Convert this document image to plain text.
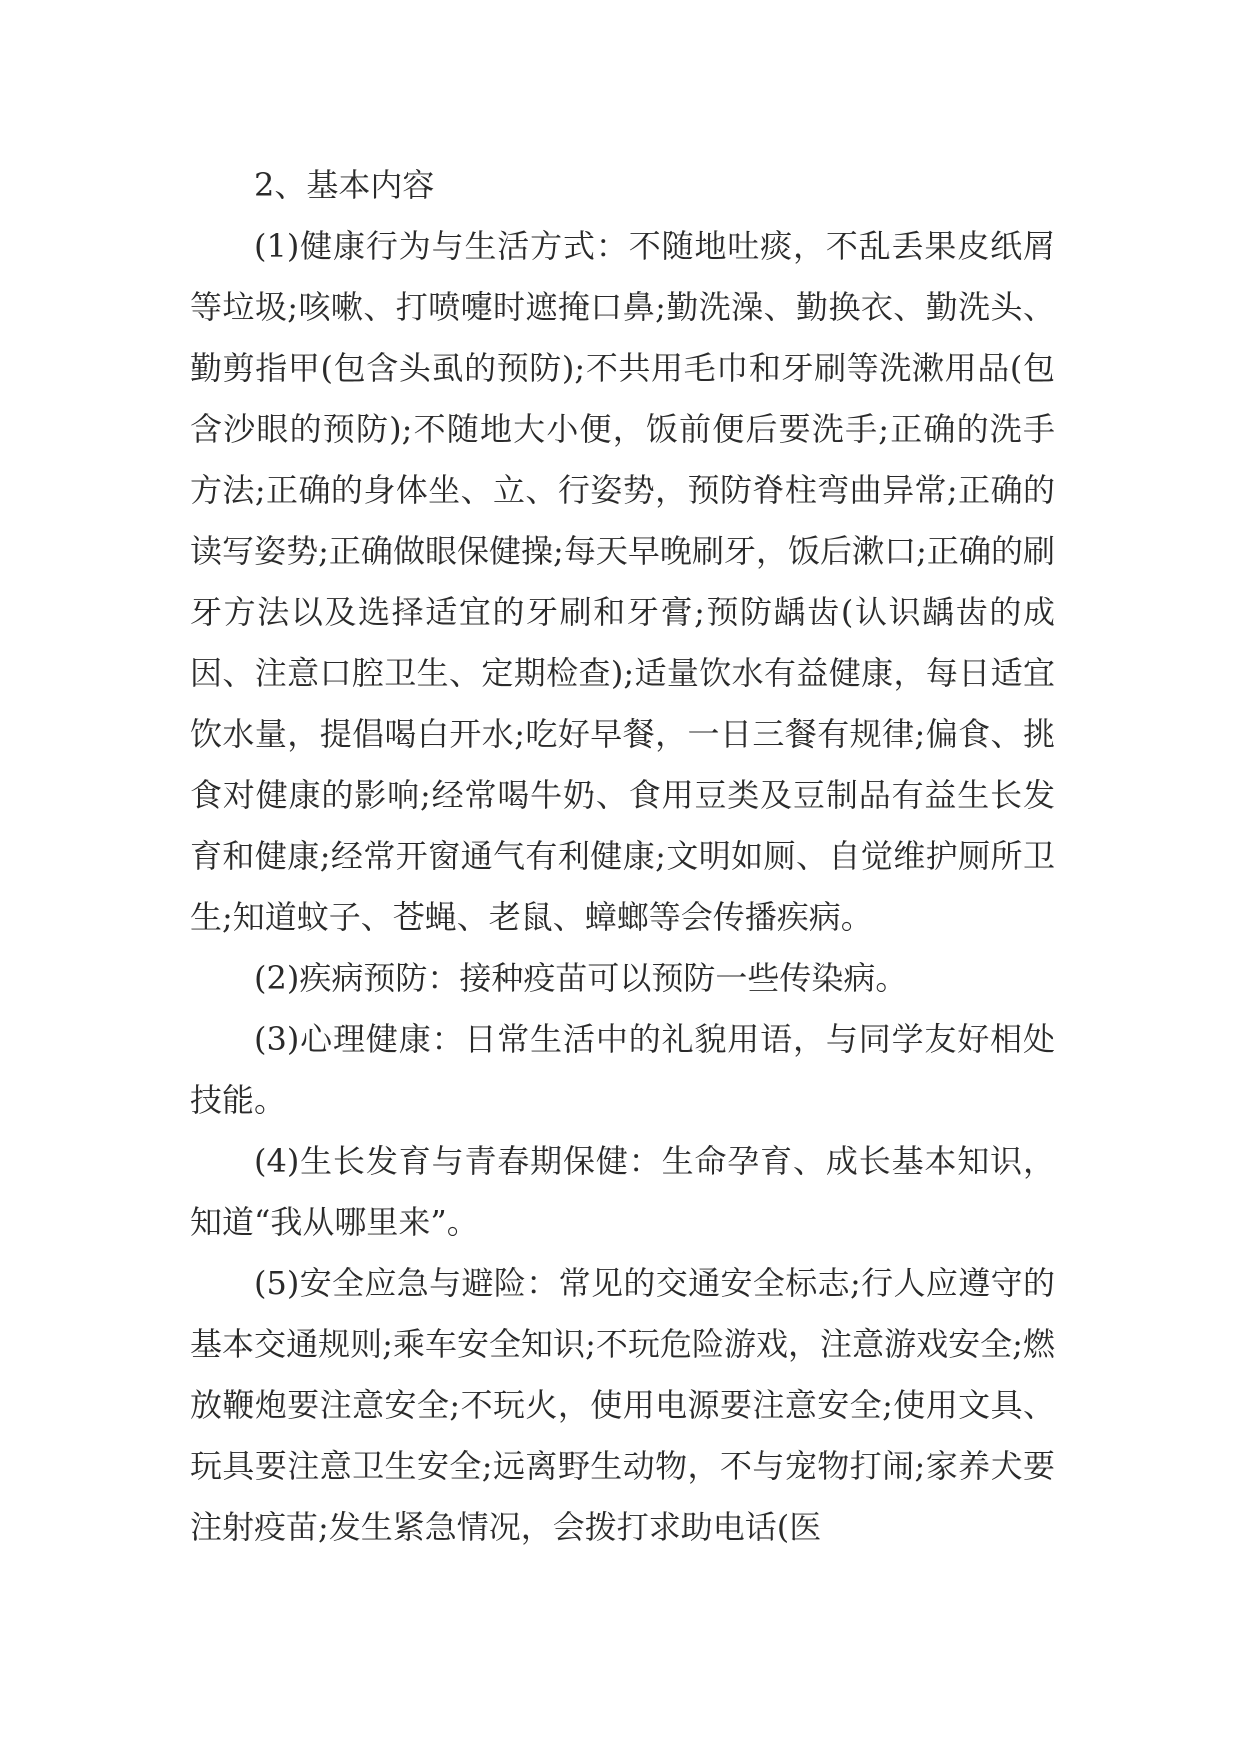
2、基本内容

(1)健康行为与生活方式：不随地吐痰，不乱丢果皮纸屑等垃圾;咳嗽、打喷嚏时遮掩口鼻;勤洗澡、勤换衣、勤洗头、勤剪指甲(包含头虱的预防);不共用毛巾和牙刷等洗漱用品(包含沙眼的预防);不随地大小便，饭前便后要洗手;正确的洗手方法;正确的身体坐、立、行姿势，预防脊柱弯曲异常;正确的读写姿势;正确做眼保健操;每天早晚刷牙，饭后漱口;正确的刷牙方法以及选择适宜的牙刷和牙膏;预防龋齿(认识龋齿的成因、注意口腔卫生、定期检查);适量饮水有益健康，每日适宜饮水量，提倡喝白开水;吃好早餐，一日三餐有规律;偏食、挑食对健康的影响;经常喝牛奶、食用豆类及豆制品有益生长发育和健康;经常开窗通气有利健康;文明如厕、自觉维护厕所卫生;知道蚊子、苍蝇、老鼠、蟑螂等会传播疾病。

(2)疾病预防：接种疫苗可以预防一些传染病。

(3)心理健康：日常生活中的礼貌用语，与同学友好相处技能。

(4)生长发育与青春期保健：生命孕育、成长基本知识，知道“我从哪里来”。

(5)安全应急与避险：常见的交通安全标志;行人应遵守的基本交通规则;乘车安全知识;不玩危险游戏，注意游戏安全;燃放鞭炮要注意安全;不玩火，使用电源要注意安全;使用文具、玩具要注意卫生安全;远离野生动物，不与宠物打闹;家养犬要注射疫苗;发生紧急情况，会拨打求助电话(医
